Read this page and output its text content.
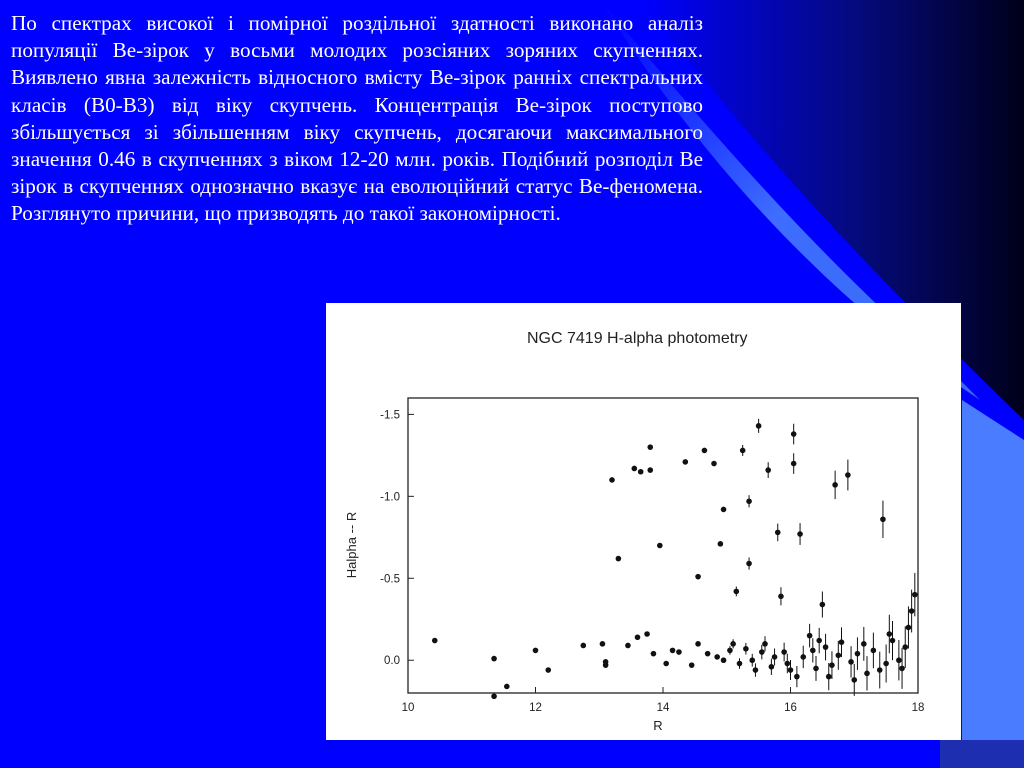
По спектрах високої і помірної роздільної здатності виконано аналіз популяції Be-зірок у восьми молодих розсіяних зоряних скупченнях. Виявлено явна залежність відносного вмісту Be-зірок ранніх спектральних класів (B0-B3) від віку скупчень. Концентрація Be-зірок поступово збільшується зі збільшенням віку скупчень, досягаючи максимального значення 0.46 в скупченнях з віком 12-20 млн. років. Подібний розподіл Be зірок в скупченнях однозначно вказує на еволюційний статус Be-феномена. Розглянуто причини, що призводять до такої закономірності.

NGC 7419 H-alpha photometry
10	12	14	16	18
-1.5
-1.0
-0.5
0.0
R
Halpha -- R
